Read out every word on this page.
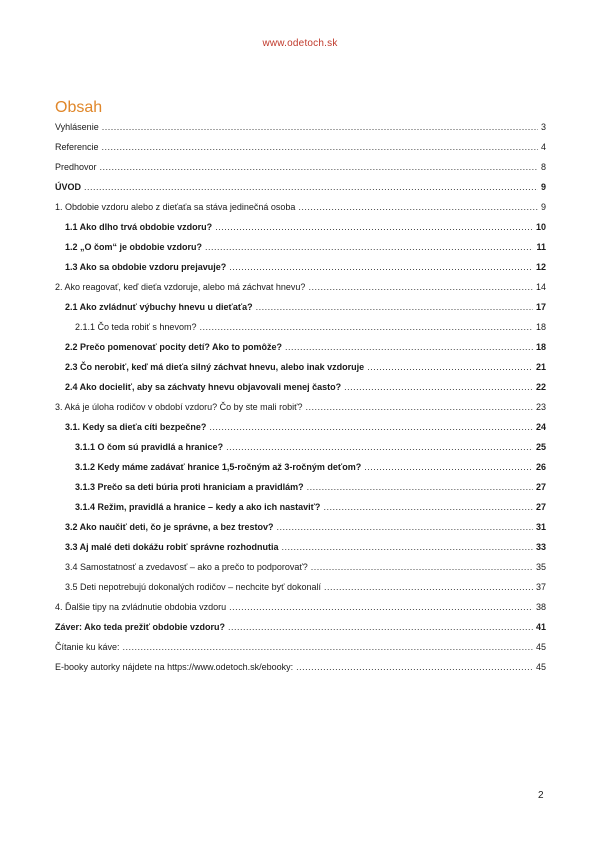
www.odetoch.sk
Obsah
Vyhlásenie .....	3
Referencie .....	4
Predhovor .....	8
ÚVOD .....	9
1. Obdobie vzdoru alebo z dieťaťa sa stáva jedinečná osoba .....	9
1.1 Ako dlho trvá obdobie vzdoru? .....	10
1.2 „O čom“ je obdobie vzdoru? .....	11
1.3 Ako sa obdobie vzdoru prejavuje? .....	12
2. Ako reagovať, keď dieťa vzdoruje, alebo má záchvat hnevu? .....	14
2.1 Ako zvládnuť výbuchy hnevu u dieťaťa? .....	17
2.1.1 Čo teda robiť s hnevom? .....	18
2.2 Prečo pomenovať pocity detí? Ako to pomôže? .....	18
2.3 Čo nerobiť, keď má dieťa silný záchvat hnevu, alebo inak vzdoruje .....	21
2.4 Ako docieliť, aby sa záchvaty hnevu objavovali menej často? .....	22
3. Aká je úloha rodičov v období vzdoru? Čo by ste mali robiť? .....	23
3.1. Kedy sa dieťa cíti bezpečne? .....	24
3.1.1 O čom sú pravidlá a hranice? .....	25
3.1.2 Kedy máme zadávať hranice 1,5-ročným až 3-ročným deťom? .....	26
3.1.3 Prečo sa deti búria proti hraniciam a pravidlám? .....	27
3.1.4 Režim, pravidlá a hranice – kedy a ako ich nastaviť? .....	27
3.2 Ako naučiť deti, čo je správne, a bez trestov? .....	31
3.3 Aj malé deti dokážu robiť správne rozhodnutia .....	33
3.4 Samostatnosť a zvedavosť – ako a prečo to podporovať? .....	35
3.5 Deti nepotrebujú dokonalých rodičov – nechcite byť dokonalí .....	37
4. Ďalšie tipy na zvládnutie obdobia vzdoru .....	38
Záver: Ako teda prežiť obdobie vzdoru? .....	41
Čítanie ku káve: .....	45
E-booky autorky nájdete na https://www.odetoch.sk/ebooky: .....	45
2
